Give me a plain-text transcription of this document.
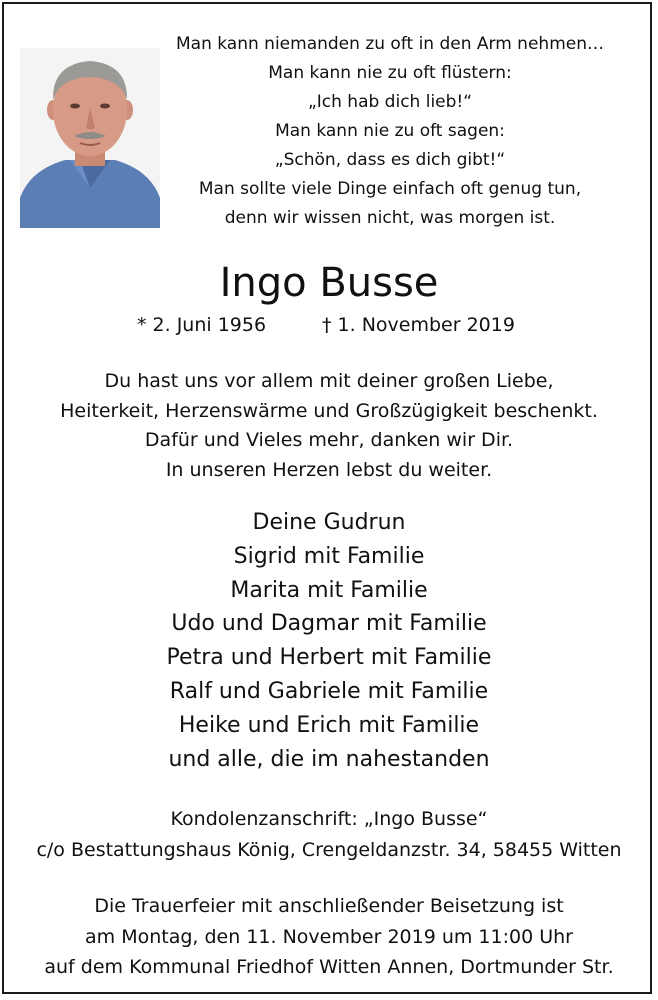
Man kann niemanden zu oft in den Arm nehmen…
Man kann nie zu oft flüstern:
„Ich hab dich lieb!“
Man kann nie zu oft sagen:
„Schön, dass es dich gibt!“
Man sollte viele Dinge einfach oft genug tun,
denn wir wissen nicht, was morgen ist.
Ingo Busse
* 2. Juni 1956	† 1. November 2019
Du hast uns vor allem mit deiner großen Liebe,
Heiterkeit, Herzenswärme und Großzügigkeit beschenkt.
Dafür und Vieles mehr, danken wir Dir.
In unseren Herzen lebst du weiter.
Deine Gudrun
Sigrid mit Familie
Marita mit Familie
Udo und Dagmar mit Familie
Petra und Herbert mit Familie
Ralf und Gabriele mit Familie
Heike und Erich mit Familie
und alle, die im nahestanden
Kondolenzanschrift: „Ingo Busse“
c/o Bestattungshaus König, Crengeldanzstr. 34, 58455 Witten
Die Trauerfeier mit anschließender Beisetzung ist
am Montag, den 11. November 2019 um 11:00 Uhr
auf dem Kommunal Friedhof Witten Annen, Dortmunder Str.
